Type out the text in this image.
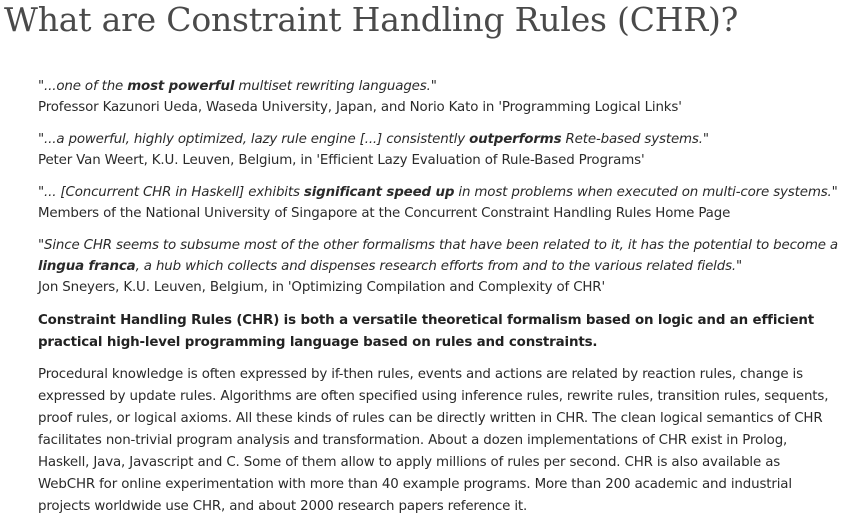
What are Constraint Handling Rules (CHR)?
"...one of the most powerful multiset rewriting languages."
Professor Kazunori Ueda, Waseda University, Japan, and Norio Kato in 'Programming Logical Links'
"...a powerful, highly optimized, lazy rule engine [...] consistently outperforms Rete-based systems."
Peter Van Weert, K.U. Leuven, Belgium, in 'Efficient Lazy Evaluation of Rule-Based Programs'
"... [Concurrent CHR in Haskell] exhibits significant speed up in most problems when executed on multi-core systems."
Members of the National University of Singapore at the Concurrent Constraint Handling Rules Home Page
"Since CHR seems to subsume most of the other formalisms that have been related to it, it has the potential to become a lingua franca, a hub which collects and dispenses research efforts from and to the various related fields."
Jon Sneyers, K.U. Leuven, Belgium, in 'Optimizing Compilation and Complexity of CHR'

Constraint Handling Rules (CHR) is both a versatile theoretical formalism based on logic and an efficient practical high-level programming language based on rules and constraints.

Procedural knowledge is often expressed by if-then rules, events and actions are related by reaction rules, change is expressed by update rules. Algorithms are often specified using inference rules, rewrite rules, transition rules, sequents, proof rules, or logical axioms. All these kinds of rules can be directly written in CHR. The clean logical semantics of CHR facilitates non-trivial program analysis and transformation. About a dozen implementations of CHR exist in Prolog, Haskell, Java, Javascript and C. Some of them allow to apply millions of rules per second. CHR is also available as WebCHR for online experimentation with more than 40 example programs. More than 200 academic and industrial projects worldwide use CHR, and about 2000 research papers reference it.
